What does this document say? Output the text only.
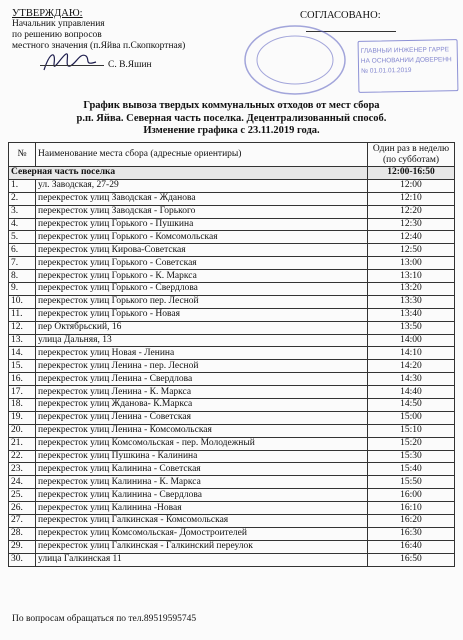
УТВЕРЖДАЮ:
Начальник управления
по решению вопросов
местного значения (п.Яйва п.Скопкортная)
С. В.Яшин
СОГЛАСОВАНО:
ГЛАВНЫЙ ИНЖЕНЕР ГАРРЕ
НА ОСНОВАНИИ ДОВЕРЕНН
№ 01.01.01.2019
График вывоза твердых коммунальных отходов от мест сбора
р.п. Яйва. Северная часть поселка. Децентрализованный способ.
Изменение графика с 23.11.2019 года.
№	Наименование места сбора (адресные ориентиры)	Один раз в неделю (по субботам)
Северная часть поселка		12:00-16:50
1.	ул. Заводская, 27-29	12:00
2.	перекресток улиц Заводская - Жданова	12:10
3.	перекресток улиц Заводская - Горького	12:20
4.	перекресток улиц Горького - Пушкина	12:30
5.	перекресток улиц Горького - Комсомольская	12:40
6.	перекресток улиц Кирова-Советская	12:50
7.	перекресток улиц Горького - Советская	13:00
8.	перекресток улиц Горького - К. Маркса	13:10
9.	перекресток улиц Горького - Свердлова	13:20
10.	перекресток улиц Горького пер. Лесной	13:30
11.	перекресток улиц Горького - Новая	13:40
12.	пер Октябрьский, 16	13:50
13.	улица Дальняя, 13	14:00
14.	перекресток улиц Новая - Ленина	14:10
15.	перекресток улиц Ленина - пер. Лесной	14:20
16.	перекресток улиц Ленина - Свердлова	14:30
17.	перекресток улиц Ленина - К. Маркса	14:40
18.	перекресток улиц Жданова- К.Маркса	14:50
19.	перекресток улиц Ленина - Советская	15:00
20.	перекресток улиц Ленина - Комсомольская	15:10
21.	перекресток улиц Комсомольская - пер. Молодежный	15:20
22.	перекресток улиц Пушкина - Калинина	15:30
23.	перекресток улиц Калинина - Советская	15:40
24.	перекресток улиц Калинина - К. Маркса	15:50
25.	перекресток улиц Калинина - Свердлова	16:00
26.	перекресток улиц Калинина -Новая	16:10
27.	перекресток улиц Галкинская - Комсомольская	16:20
28.	перекресток улиц Комсомольская- Домостроителей	16:30
29.	перекресток улиц Галкинская - Галкинский переулок	16:40
30.	улица Галкинская 11	16:50
По вопросам обращаться по тел.89519595745
